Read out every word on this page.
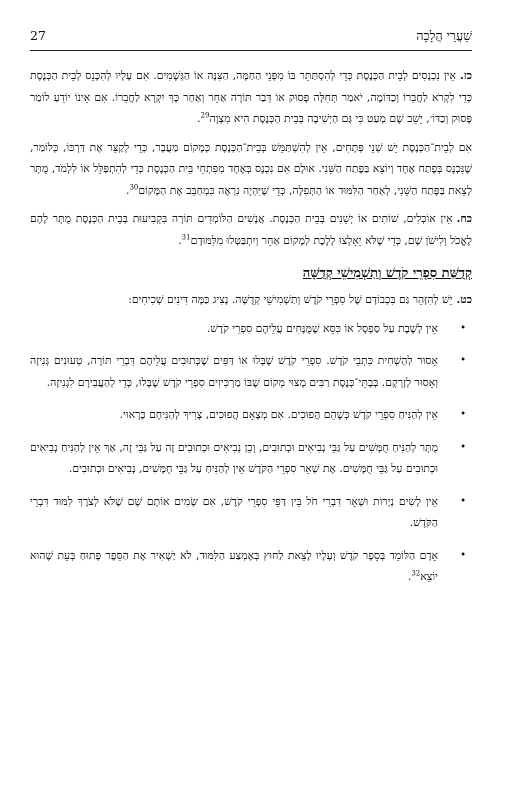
27	שַׁעֲרֵי הֲלָכָה

כז.אֵין נִכְנָסִים לְבֵית הַכְּנֶסֶת כְּדֵי לְהִסְתַּתֵּר בּוֹ מִפְּנֵי הַחַמָּה, הַצִּנָּה אוֹ הַגְּשָׁמִים. אִם עָלָיו לְהִכָּנֵס לְבֵית הַכְּנֶסֶת כְּדֵי לִקְרֹא לַחֲבֵרוֹ וְכַדּוֹמֶה, יֹאמַר תְּחִלָּה פָּסוּק אוֹ דְּבַר תּוֹרָה אַחֵר וְאַחַר כָּךְ יִקְרָא לַחֲבֵרוֹ. אִם אֵינוֹ יוֹדֵעַ לוֹמַר פָּסוּק וְכַדּוֹ׳, יֵשֵׁב שָׁם מְעַט כִּי גַּם הַיְשִׁיבָה בְּבֵית הַכְּנֶסֶת הִיא מִצְוָה$^{29}$.

אִם לְבֵית־הַכְּנֶסֶת יֵשׁ שְׁנֵי פְּתָחִים, אֵין לְהִשְׁתַּמֵּשׁ בְּבֵית־הַכְּנֶסֶת כְּמָקוֹם מַעֲבָר, כְּדֵי לְקַצֵּר אֶת דַּרְכּוֹ, כְּלוֹמַר, שֶׁנִּכְנָס בְּפֶתַח אֶחָד וְיוֹצֵא בַּפֶּתַח הַשֵּׁנִי. אוּלָם אִם נִכְנָס בְּאֶחָד מִפִּתְחֵי בֵּית הַכְּנֶסֶת כְּדֵי לְהִתְפַּלֵּל אוֹ לִלְמֹד, מֻתָּר לָצֵאת בַּפֶּתַח הַשֵּׁנִי, לְאַחַר הַלִּמּוּד אוֹ הַתְּפִלָּה, כְּדֵי שֶׁיִּהְיֶה נִרְאֶה כִּמְחַבֵּב אֶת הַמָּקוֹם$^{30}$.

כח.אֵין אוֹכְלִים, שׁוֹתִים אוֹ יְשֵׁנִים בְּבֵית הַכְּנֶסֶת. אֲנָשִׁים הַלּוֹמְדִים תּוֹרָה בִּקְבִיעוּת בְּבֵית הַכְּנֶסֶת מֻתָּר לָהֶם לֶאֱכֹל וְלִישֹׁן שָׁם, כְּדֵי שֶׁלֹּא יֵאָלְצוּ לָלֶכֶת לְמָקוֹם אַחֵר וְיִתְבַּטְּלוּ מִלִּמּוּדָם$^{31}$.

קְדֻשַּׁת סִפְרֵי קֹדֶשׁ וְתַשְׁמִישֵׁי קְדֻשָּׁה

כט.יֵשׁ לְהִזָּהֵר גַּם בִּכְבוֹדָם שֶׁל סִפְרֵי קֹדֶשׁ וְתַשְׁמִישֵׁי קְדֻשָּׁה. נָצִיג כַּמָּה דִּינִים שְׁכִיחִים:

•
אֵין לָשֶׁבֶת עַל סַפְסָל אוֹ כִּסֵּא שֶׁמֻּנָּחִים עֲלֵיהֶם סִפְרֵי קֹדֶשׁ.
•
אָסוּר לְהַשְׁחִית כִּתְבֵי קֹדֶשׁ. סִפְרֵי קֹדֶשׁ שֶׁבָּלוּ אוֹ דַּפִּים שֶׁכְּתוּבִים עֲלֵיהֶם דִּבְרֵי תּוֹרָה, טְעוּנִים גְּנִיזָה וְאָסוּר לְזָרְקָם. בְּבָתֵּי־כְּנֶסֶת רַבִּים מָצוּי מְקוֹם שֶׁבּוֹ מַרְכִּיזִים סִפְרֵי קֹדֶשׁ שֶׁבָּלוּ, כְּדֵי לְהַעֲבִירָם לִגְנִיזָה.
•
אֵין לְהַנִּיחַ סִפְרֵי קֹדֶשׁ כְּשֶׁהֵם הֲפוּכִים. אִם מְצָאָם הֲפוּכִים, צָרִיךְ לְהַנִּיחָם כָּרָאוּי.
•
מֻתָּר לְהַנִּיחַ חֻמָּשִׁים עַל גַּבֵּי נְבִיאִים וּכְתוּבִים, וְכֵן נְבִיאִים וּכְתוּבִים זֶה עַל גַּבֵּי זֶה, אַךְ אֵין לְהַנִּיחַ נְבִיאִים וּכְתוּבִים עַל גַּבֵּי חֻמָּשִׁים. אֶת שְׁאָר סִפְרֵי הַקֹּדֶשׁ אֵין לְהַנִּיחַ עַל גַּבֵּי חֻמָּשִׁים, נְבִיאִים וּכְתוּבִים.
•
אֵין לָשִׂים נְיָרוֹת וּשְׁאָר דִּבְרֵי חֹל בֵּין דַּפֵּי סִפְרֵי קֹדֶשׁ, אִם שָׂמִים אוֹתָם שָׁם שֶׁלֹּא לְצֹרֶךְ לִמּוּד דִּבְרֵי הַקֹּדֶשׁ.
•
אָדָם הַלּוֹמֵד בְּסֵפֶר קֹדֶשׁ וְעָלָיו לָצֵאת לַחוּץ בְּאֶמְצַע הַלִּמּוּד, לֹא יַשְׁאִיר אֶת הַסֵּפֶר פָּתוּחַ בְּעֵת שֶׁהוּא יוֹצֵא$^{32}$.
